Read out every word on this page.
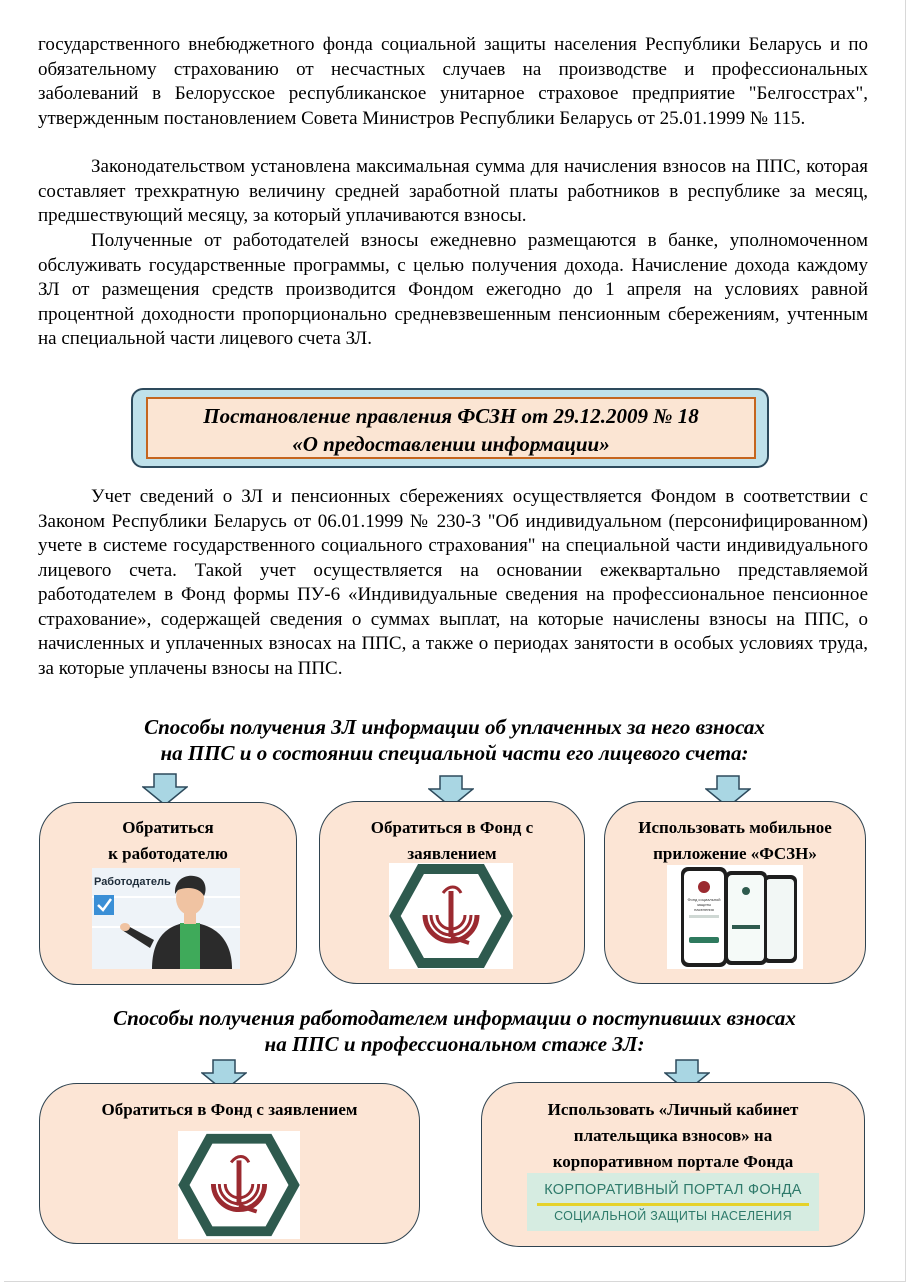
государственного внебюджетного фонда социальной защиты населения Республики Беларусь и по обязательному страхованию от несчастных случаев на производстве и профессиональных заболеваний в Белорусское республиканское унитарное страховое предприятие "Белгосстрах", утвержденным постановлением Совета Министров Республики Беларусь от 25.01.1999 № 115.

Законодательством установлена максимальная сумма для начисления взносов на ППС, которая составляет трехкратную величину средней заработной платы работников в республике за месяц, предшествующий месяцу, за который уплачиваются взносы.

Полученные от работодателей взносы ежедневно размещаются в банке, уполномоченном обслуживать государственные программы, с целью получения дохода. Начисление дохода каждому ЗЛ от размещения средств производится Фондом ежегодно до 1 апреля на условиях равной процентной доходности пропорционально средневзвешенным пенсионным сбережениям, учтенным на специальной части лицевого счета ЗЛ.

Постановление правления ФСЗН от 29.12.2009 № 18
«О предоставлении информации»

Учет сведений о ЗЛ и пенсионных сбережениях осуществляется Фондом в соответствии с Законом Республики Беларусь от 06.01.1999 № 230-З "Об индивидуальном (персонифицированном) учете в системе государственного социального страхования" на специальной части индивидуального лицевого счета. Такой учет осуществляется на основании ежеквартально представляемой работодателем в Фонд формы ПУ-6 «Индивидуальные сведения на профессиональное пенсионное страхование», содержащей сведения о суммах выплат, на которые начислены взносы на ППС, о начисленных и уплаченных взносах на ППС, а также о периодах занятости в особых условиях труда, за которые уплачены взносы на ППС.

Способы получения ЗЛ информации об уплаченных за него взносах
на ППС и о состоянии специальной части его лицевого счета:
Обратиться
к работодателю
Работодатель
Обратиться в Фонд с
заявлением
Использовать мобильное
приложение «ФСЗН»
Фонд социальной защиты населения
Способы получения работодателем информации о поступивших взносах
на ППС и профессиональном стаже ЗЛ:
Обратиться в Фонд с заявлением	Использовать «Личный кабинет
плательщика взносов» на
корпоративном портале Фонда
КОРПОРАТИВНЫЙ ПОРТАЛ ФОНДА
СОЦИАЛЬНОЙ ЗАЩИТЫ НАСЕЛЕНИЯ
